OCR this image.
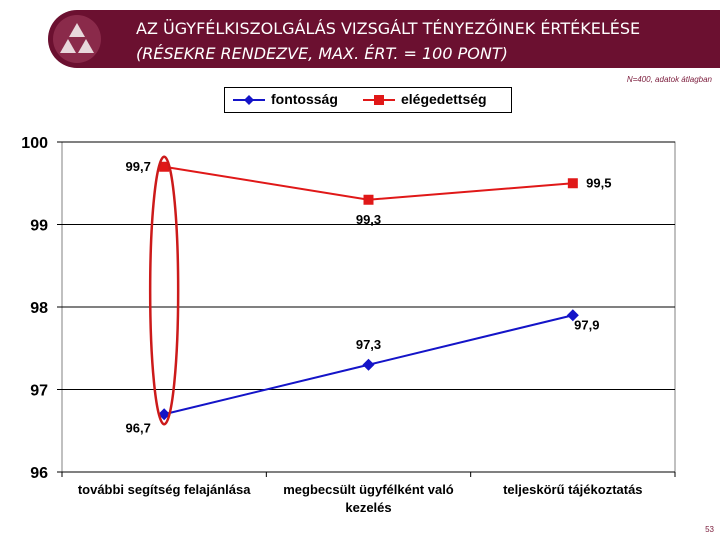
AZ ÜGYFÉLKISZOLGÁLÁS VIZSGÁLT TÉNYEZŐINEK ÉRTÉKELÉSE
(RÉSEKRE RENDEZVE, MAX. ÉRT. = 100 PONT)
N=400, adatok átlagban
fontosság	elégedettség
96
97
98
99
100
további segítség felajánlása	megbecsült ügyfélként való
kezelés
teljeskörű tájékoztatás
96,7
97,3
97,9
99,7
99,3
99,5
53
